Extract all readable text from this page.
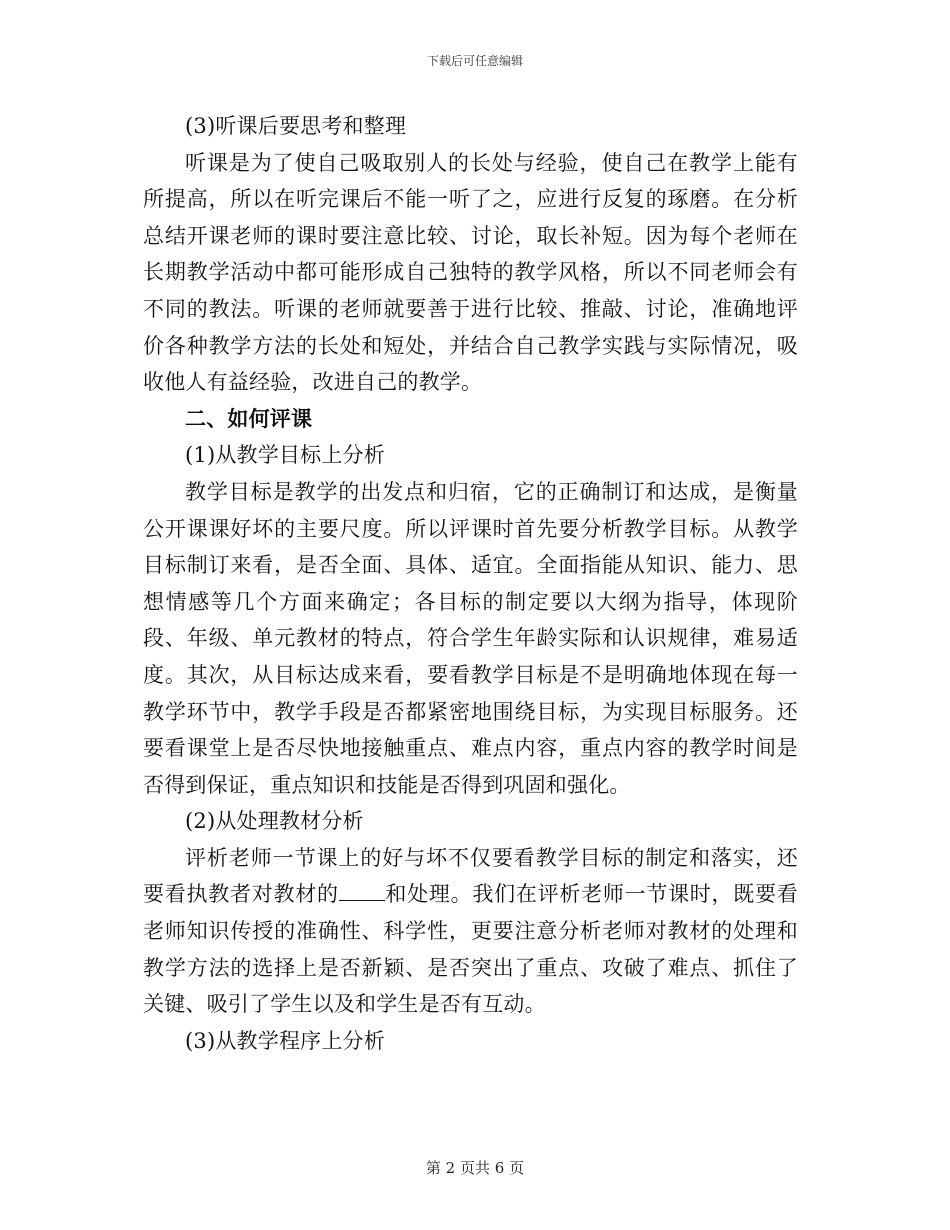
下载后可任意编辑

(3)听课后要思考和整理

听课是为了使自己吸取别人的长处与经验，使自己在教学上能有所提高，所以在听完课后不能一听了之，应进行反复的琢磨。在分析总结开课老师的课时要注意比较、讨论，取长补短。因为每个老师在长期教学活动中都可能形成自己独特的教学风格，所以不同老师会有不同的教法。听课的老师就要善于进行比较、推敲、讨论，准确地评价各种教学方法的长处和短处，并结合自己教学实践与实际情况，吸收他人有益经验，改进自己的教学。

二、如何评课

(1)从教学目标上分析

教学目标是教学的出发点和归宿，它的正确制订和达成，是衡量公开课课好坏的主要尺度。所以评课时首先要分析教学目标。从教学目标制订来看，是否全面、具体、适宜。全面指能从知识、能力、思想情感等几个方面来确定；各目标的制定要以大纲为指导，体现阶段、年级、单元教材的特点，符合学生年龄实际和认识规律，难易适度。其次，从目标达成来看，要看教学目标是不是明确地体现在每一教学环节中，教学手段是否都紧密地围绕目标，为实现目标服务。还要看课堂上是否尽快地接触重点、难点内容，重点内容的教学时间是否得到保证，重点知识和技能是否得到巩固和强化。

(2)从处理教材分析

评析老师一节课上的好与坏不仅要看教学目标的制定和落实，还要看执教者对教材的 和处理。我们在评析老师一节课时，既要看老师知识传授的准确性、科学性，更要注意分析老师对教材的处理和教学方法的选择上是否新颖、是否突出了重点、攻破了难点、抓住了关键、吸引了学生以及和学生是否有互动。

(3)从教学程序上分析

第 2 页共 6 页
